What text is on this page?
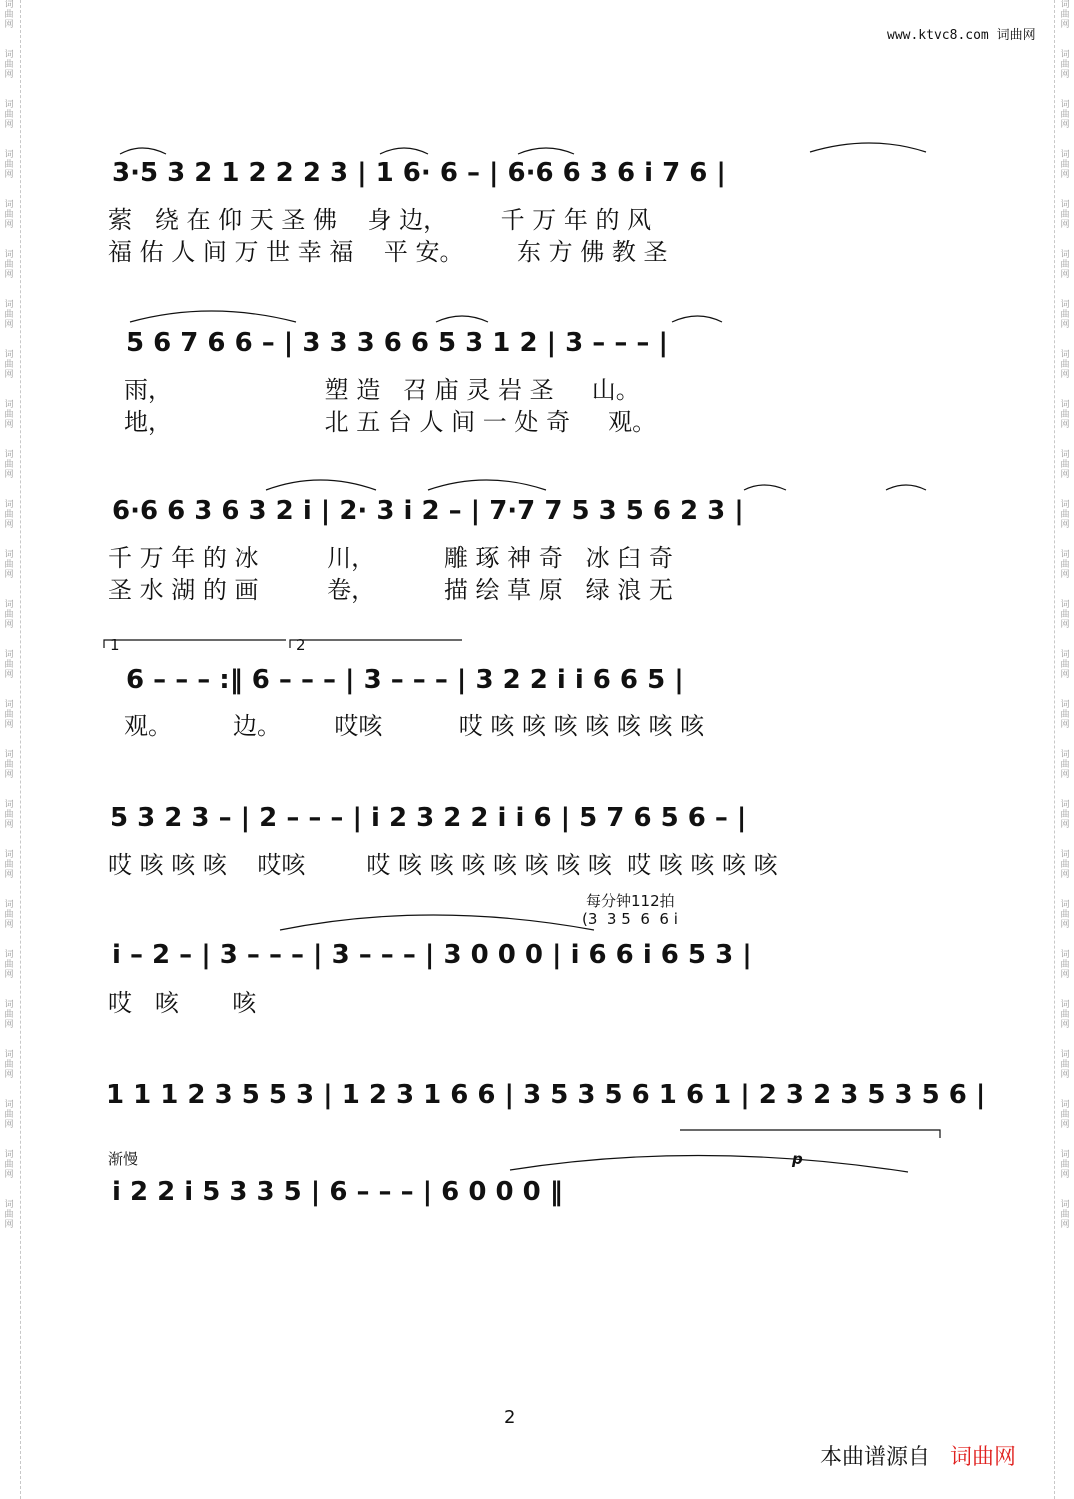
词
曲
网

词
曲
网

词
曲
网

词
曲
网

词
曲
网

词
曲
网

词
曲
网

词
曲
网

词
曲
网

词
曲
网

词
曲
网

词
曲
网

词
曲
网

词
曲
网

词
曲
网

词
曲
网

词
曲
网

词
曲
网

词
曲
网

词
曲
网

词
曲
网

词
曲
网

词
曲
网

词
曲
网

词
曲
网

词
曲
网

词
曲
网

词
曲
网

词
曲
网

词
曲
网

词
曲
网

词
曲
网

词
曲
网

词
曲
网

词
曲
网

词
曲
网

词
曲
网

词
曲
网

词
曲
网

词
曲
网

词
曲
网

词
曲
网

词
曲
网

词
曲
网

词
曲
网

词
曲
网

词
曲
网

词
曲
网

词
曲
网

词
曲
网

www.ktvc8.com 词曲网
3·5 3 2 1 2 2 2 3 | 1 6· 6 – | 6·6 6 3 6 i 7 6 |
萦   绕 在 仰 天 圣 佛    身 边，       千 万 年 的 风
福 佑 人 间 万 世 幸 福    平 安。       东 方 佛 教 圣
5 6 7 6 6 – | 3 3 3 6 6 5 3 1 2 | 3 – – – |
雨，                    塑 造   召 庙 灵 岩 圣     山。
地，                    北 五 台 人 间 一 处 奇     观。
6·6 6 3 6 3 2 i | 2· 3 i 2 – | 7·7 7 5 3 5 6 2 3 |
千 万 年 的 冰         川，         雕 琢 神 奇   冰 臼 奇
圣 水 湖 的 画         卷，         描 绘 草 原   绿 浪 无
1	2
6 – – – :‖ 6 – – – | 3 – – – | 3 2 2 i i 6 6 5 |
观。        边。       哎咳          哎 咳 咳 咳 咳 咳 咳 咳
5 3 2 3 – | 2 – – – | i 2 3 2 2 i i 6 | 5 7 6 5 6 – |
哎 咳 咳 咳    哎咳        哎 咳 咳 咳 咳 咳 咳 咳  哎 咳 咳 咳 咳
每分钟112拍
(3  3 5  6  6 i
i – 2 – | 3 – – – | 3 – – – | 3 0 0 0 | i 6 6 i 6 5 3 |
哎   咳       咳
1 1 1 2 3 5 5 3 | 1 2 3 1 6 6 | 3 5 3 5 6 1 6 1 | 2 3 2 3 5 3 5 6 |
渐慢	p
i 2 2 i 5 3 3 5 | 6 – – – | 6 0 0 0 ‖
2
本曲谱源自 词曲网
